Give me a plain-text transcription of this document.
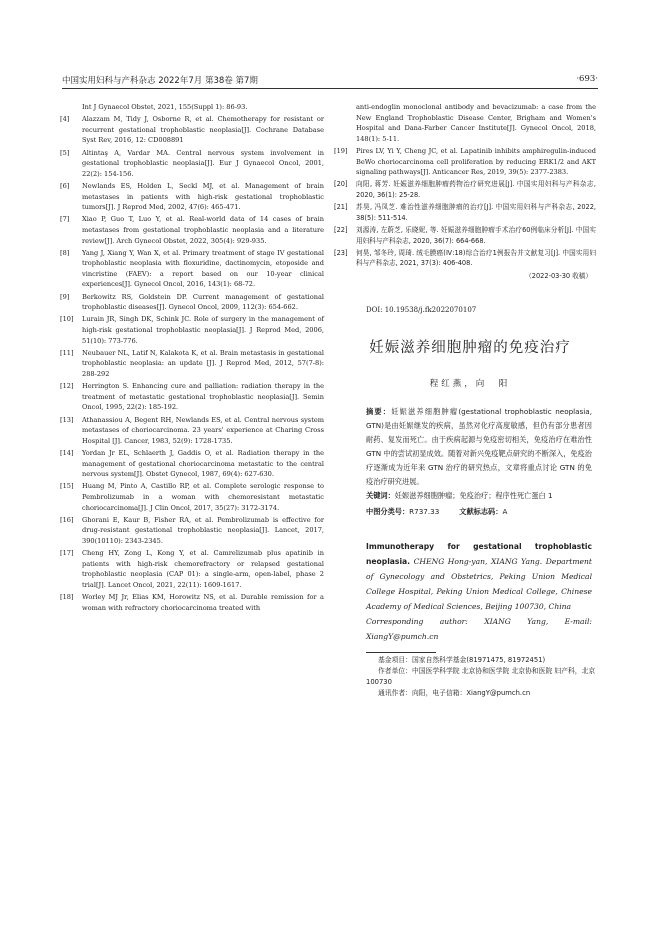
中国实用妇科与产科杂志 2022年7月 第38卷 第7期	·693·
Int J Gynaecol Obstet, 2021, 155(Suppl 1): 86-93.
[4]	Alazzam M, Tidy J, Osborne R, et al. Chemotherapy for resistant or recurrent gestational trophoblastic neoplasia[J]. Cochrane Database Syst Rev, 2016, 12: CD008891
[5]	Altintaş A, Vardar MA. Central nervous system involvement in gestational trophoblastic neoplasia[J]. Eur J Gynaecol Oncol, 2001, 22(2): 154-156.
[6]	Newlands ES, Holden L, Seckl MJ, et al. Management of brain metastases in patients with high-risk gestational trophoblastic tumors[J]. J Reprod Med, 2002, 47(6): 465-471.
[7]	Xiao P, Guo T, Luo Y, et al. Real-world data of 14 cases of brain metastases from gestational trophoblastic neoplasia and a literature review[J]. Arch Gynecol Obstet, 2022, 305(4): 929-935.
[8]	Yang J, Xiang Y, Wan X, et al. Primary treatment of stage IV gestational trophoblastic neoplasia with floxuridine, dactinomycin, etoposide and vincristine (FAEV): a report based on our 10-year clinical experiences[J]. Gynecol Oncol, 2016, 143(1): 68-72.
[9]	Berkowitz RS, Goldstein DP. Current management of gestational trophoblastic diseases[J]. Gynecol Oncol, 2009, 112(3): 654-662.
[10]	Lurain JR, Singh DK, Schink JC. Role of surgery in the management of high-risk gestational trophoblastic neoplasia[J]. J Reprod Med, 2006, 51(10): 773-776.
[11]	Neubauer NL, Latif N, Kalakota K, et al. Brain metastasis in gestational trophoblastic neoplasia: an update [J]. J Reprod Med, 2012, 57(7-8): 288-292
[12]	Herrington S. Enhancing cure and palliation: radiation therapy in the treatment of metastatic gestational trophoblastic neoplasia[J]. Semin Oncol, 1995, 22(2): 185-192.
[13]	Athanassiou A, Begent RH, Newlands ES, et al. Central nervous system metastases of choriocarcinoma. 23 years' experience at Charing Cross Hospital [J]. Cancer, 1983, 52(9): 1728-1735.
[14]	Yordan Jr EL, Schlaerth J, Gaddis O, et al. Radiation therapy in the management of gestational choriocarcinoma metastatic to the central nervous system[J]. Obstet Gynecol, 1987, 69(4): 627-630.
[15]	Huang M, Pinto A, Castillo RP, et al. Complete serologic response to Pembrolizumab in a woman with chemoresistant metastatic choriocarcinoma[J]. J Clin Oncol, 2017, 35(27): 3172-3174.
[16]	Ghorani E, Kaur B, Fisher RA, et al. Pembrolizumab is effective for drug-resistant gestational trophoblastic neoplasia[J]. Lancet, 2017, 390(10110): 2343-2345.
[17]	Cheng HY, Zong L, Kong Y, et al. Camrelizumab plus apatinib in patients with high-risk chemorefractory or relapsed gestational trophoblastic neoplasia (CAP 01): a single-arm, open-label, phase 2 trial[J]. Lancet Oncol, 2021, 22(11): 1609-1617.
[18]	Worley MJ Jr, Elias KM, Horowitz NS, et al. Durable remission for a woman with refractory choriocarcinoma treated with
anti-endoglin monoclonal antibody and bevacizumab: a case from the New England Trophoblastic Disease Center, Brigham and Women's Hospital and Dana-Farber Cancer Institute[J]. Gynecol Oncol, 2018, 148(1): 5-11.
[19]	Pires LV, Yi Y, Cheng JC, et al. Lapatinib inhibits amphiregulin-induced BeWo choriocarcinoma cell proliferation by reducing ERK1/2 and AKT signaling pathways[J]. Anticancer Res, 2019, 39(5): 2377-2383.
[20]	向阳, 蒋芳. 妊娠滋养细胞肿瘤药物治疗研究进展[J]. 中国实用妇科与产科杂志, 2020, 36(1): 25-28.
[21]	苏昊, 冯凤芝. 难治性滋养细胞肿瘤的治疗[J]. 中国实用妇科与产科杂志, 2022, 38(5): 511-514.
[22]	刘源涛, 左蔚芝, 乐晓妮, 等. 妊娠滋养细胞肿瘤手术治疗60例临床分析[J]. 中国实用妇科与产科杂志, 2020, 36(7): 664-668.
[23]	何昊, 邹冬玲, 周琦. 绒毛膜癌(Ⅳ:18)综合治疗1例报告并文献复习[J]. 中国实用妇科与产科杂志, 2021, 37(3): 406-408.
（2022-03-30 收稿）
DOI: 10.19538/j.fk2022070107
妊娠滋养细胞肿瘤的免疫治疗
程红燕，向　阳
摘要：妊娠滋养细胞肿瘤(gestational trophoblastic neoplasia, GTN)是由妊娠继发的疾病，虽然对化疗高度敏感，但仍有部分患者因耐药、复发而死亡。由于疾病起源与免疫密切相关，免疫治疗在难治性 GTN 中的尝试初显成效。随着对新兴免疫靶点研究的不断深入，免疫治疗逐渐成为近年来 GTN 治疗的研究热点，文章将重点讨论 GTN 的免疫治疗研究进展。
关键词：妊娠滋养细胞肿瘤；免疫治疗；程序性死亡蛋白 1
中图分类号：R737.33	文献标志码：A
Immunotherapy for gestational trophoblastic neoplasia. CHENG Hong-yan, XIANG Yang. Department of Gynecology and Obstetrics, Peking Union Medical College Hospital, Peking Union Medical College, Chinese Academy of Medical Sciences, Beijing 100730, China
Corresponding author: XIANG Yang, E-mail: XiangY@pumch.cn
基金项目：国家自然科学基金(81971475, 81972451)
作者单位：中国医学科学院 北京协和医学院 北京协和医院 妇产科，北京 100730
通讯作者：向阳，电子信箱：XiangY@pumch.cn
